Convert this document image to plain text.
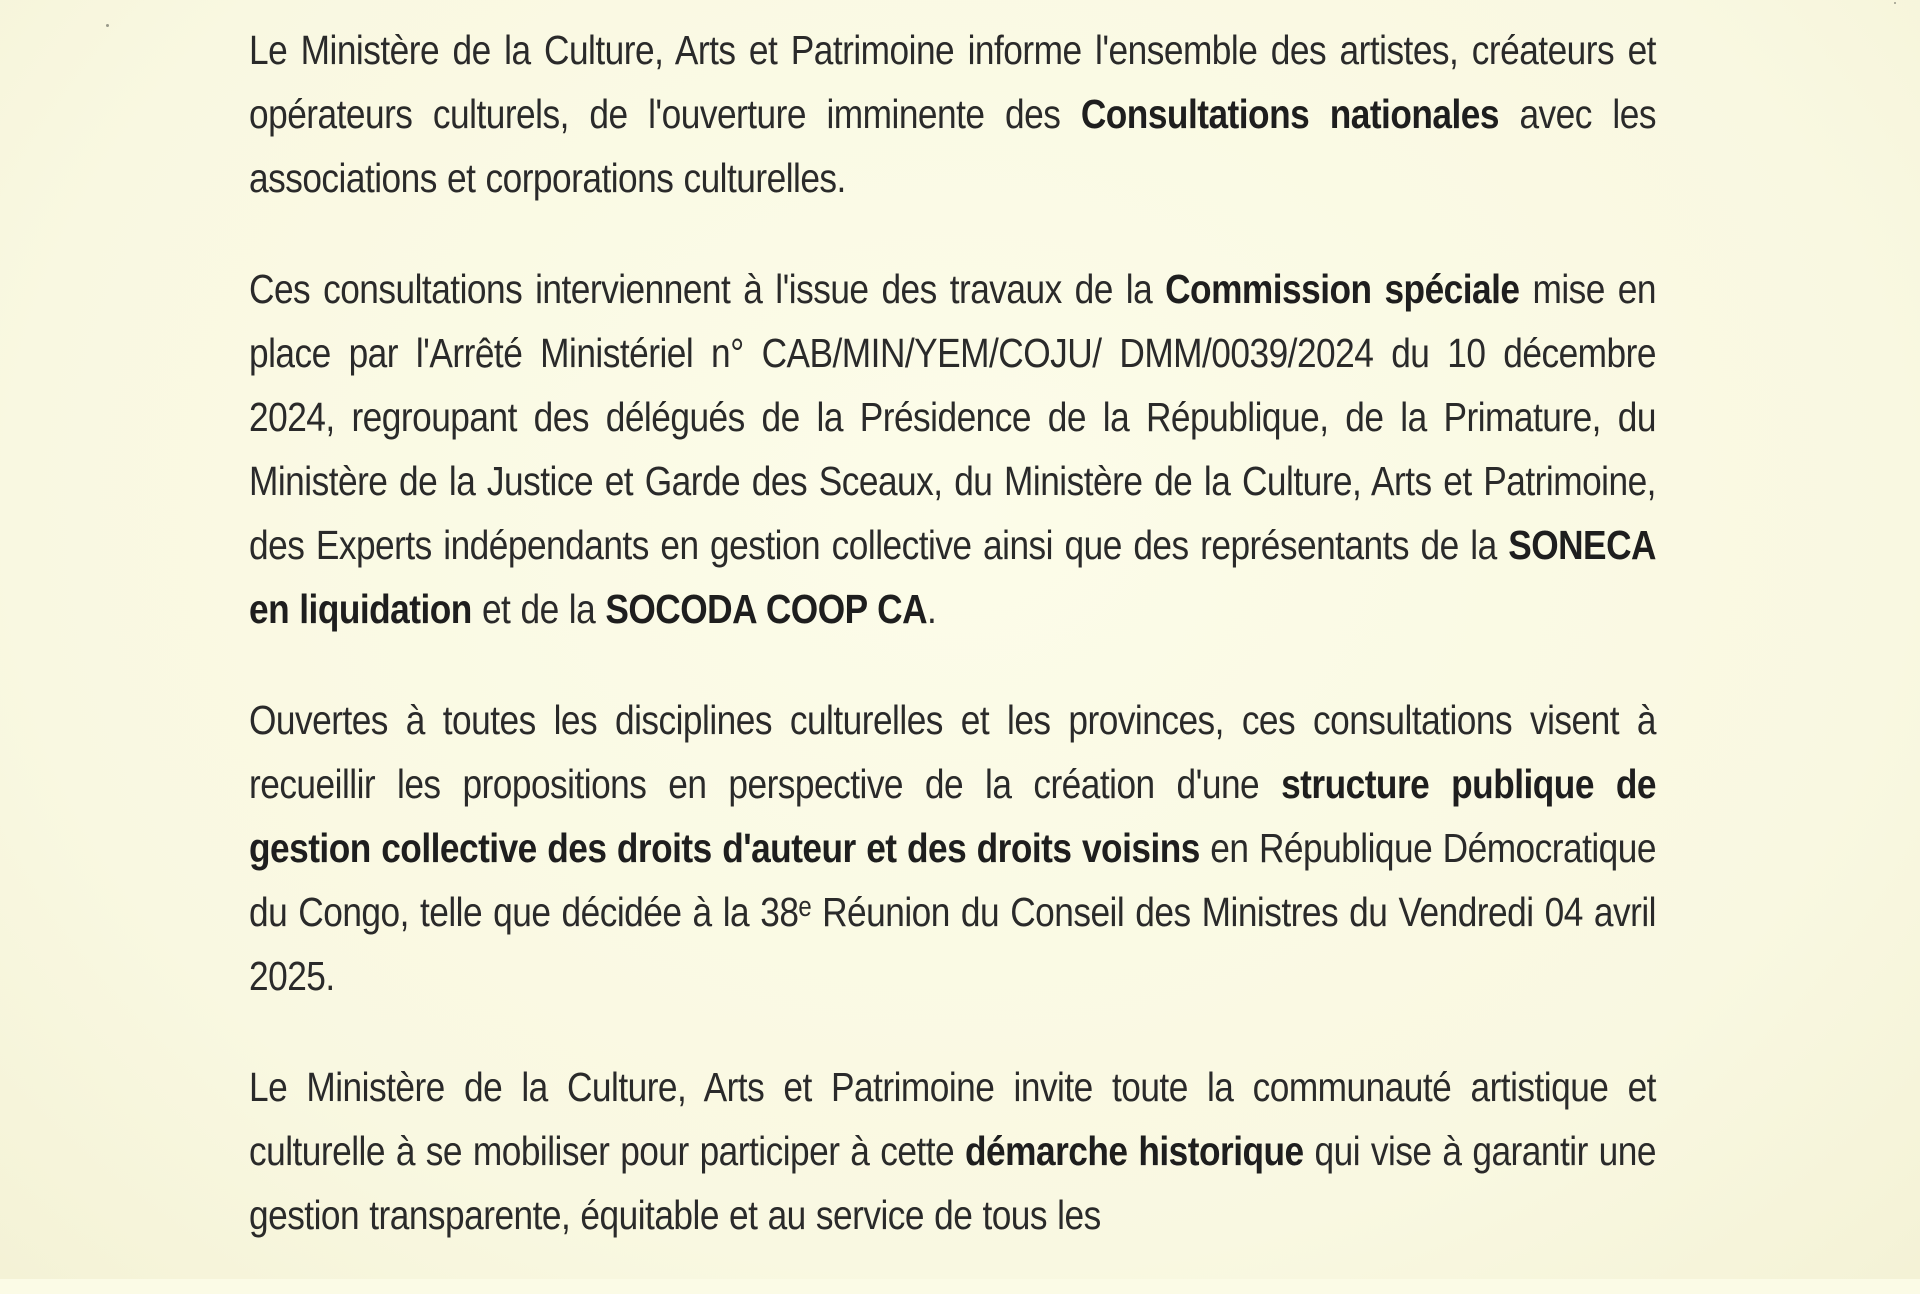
Le Ministère de la Culture, Arts et Patrimoine informe l'ensemble des artistes, créateurs et opérateurs culturels, de l'ouverture imminente des Consultations nationales avec les associations et corporations culturelles.

Ces consultations interviennent à l'issue des travaux de la Commission spéciale mise en place par l'Arrêté Ministériel n° CAB/MIN/YEM/COJU/ DMM/0039/2024 du 10 décembre 2024, regroupant des délégués de la Présidence de la République, de la Primature, du Ministère de la Justice et Garde des Sceaux, du Ministère de la Culture, Arts et Patrimoine, des Experts indépendants en gestion collective ainsi que des représentants de la SONECA en liquidation et de la SOCODA COOP CA.

Ouvertes à toutes les disciplines culturelles et les provinces, ces consultations visent à recueillir les propositions en perspective de la création d'une structure publique de gestion collective des droits d'auteur et des droits voisins en République Démocratique du Congo, telle que décidée à la 38ᵉ Réunion du Conseil des Ministres du Vendredi 04 avril 2025.

Le Ministère de la Culture, Arts et Patrimoine invite toute la communauté artistique et culturelle à se mobiliser pour participer à cette démarche historique qui vise à garantir une gestion transparente, équitable et au service de tous les
